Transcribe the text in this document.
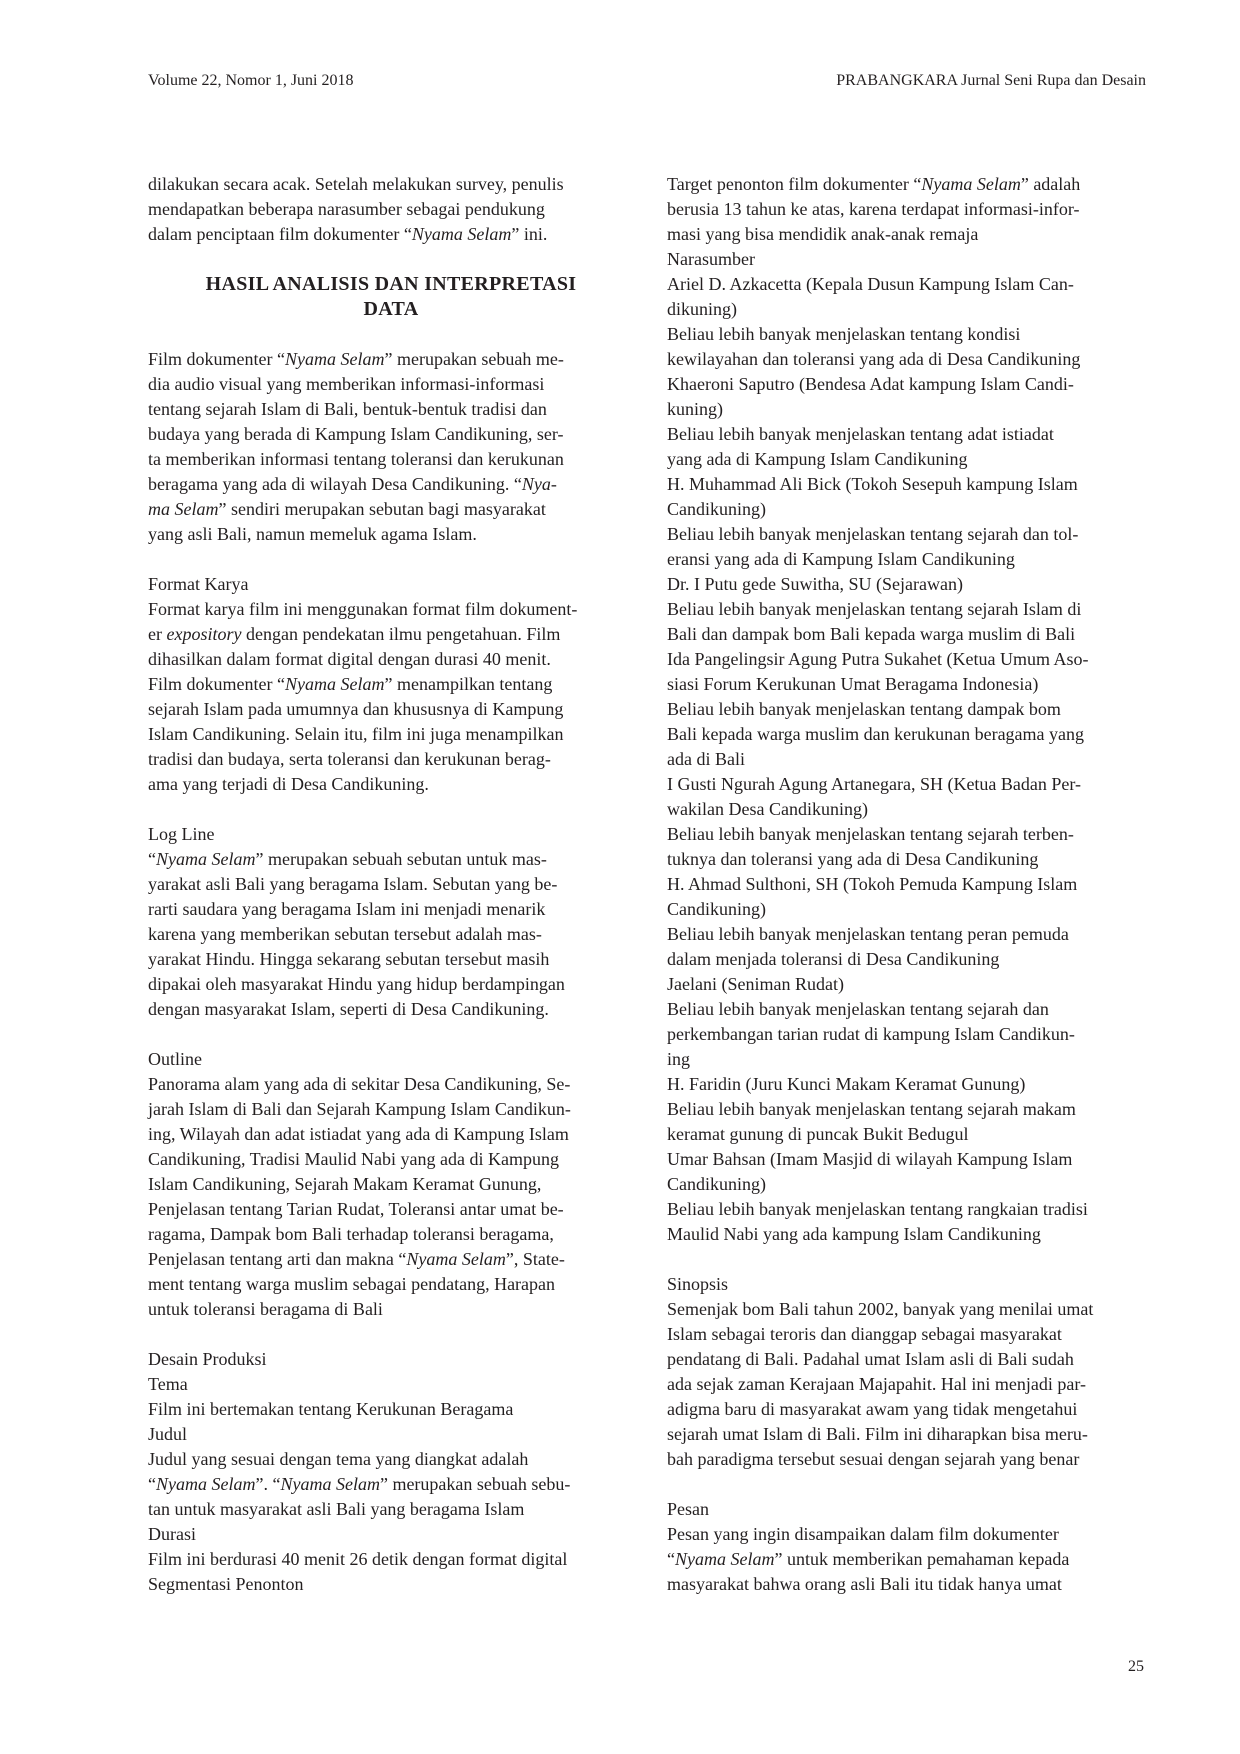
Volume 22, Nomor 1, Juni 2018	PRABANGKARA Jurnal Seni Rupa dan Desain

dilakukan secara acak. Setelah melakukan survey, penulis

mendapatkan beberapa narasumber sebagai pendukung

dalam penciptaan film dokumenter “Nyama Selam” ini.

HASIL ANALISIS DAN INTERPRETASI
DATA

Film dokumenter “Nyama Selam” merupakan sebuah me-

dia audio visual yang memberikan informasi-informasi

tentang sejarah Islam di Bali, bentuk-bentuk tradisi dan

budaya yang berada di Kampung Islam Candikuning, ser-

ta memberikan informasi tentang toleransi dan kerukunan

beragama yang ada di wilayah Desa Candikuning. “Nya-

ma Selam” sendiri merupakan sebutan bagi masyarakat

yang asli Bali, namun memeluk agama Islam.

Format Karya

Format karya film ini menggunakan format film dokument-

er expository dengan pendekatan ilmu pengetahuan. Film

dihasilkan dalam format digital dengan durasi 40 menit.

Film dokumenter “Nyama Selam” menampilkan tentang

sejarah Islam pada umumnya dan khususnya di Kampung

Islam Candikuning. Selain itu, film ini juga menampilkan

tradisi dan budaya, serta toleransi dan kerukunan berag-

ama yang terjadi di Desa Candikuning.

Log Line

“Nyama Selam” merupakan sebuah sebutan untuk mas-

yarakat asli Bali yang beragama Islam. Sebutan yang be-

rarti saudara yang beragama Islam ini menjadi menarik

karena yang memberikan sebutan tersebut adalah mas-

yarakat Hindu. Hingga sekarang sebutan tersebut masih

dipakai oleh masyarakat Hindu yang hidup berdampingan

dengan masyarakat Islam, seperti di Desa Candikuning.

Outline

Panorama alam yang ada di sekitar Desa Candikuning, Se-

jarah Islam di Bali dan Sejarah Kampung Islam Candikun-

ing, Wilayah dan adat istiadat yang ada di Kampung Islam

Candikuning, Tradisi Maulid Nabi yang ada di Kampung

Islam Candikuning, Sejarah Makam Keramat Gunung,

Penjelasan tentang Tarian Rudat, Toleransi antar umat be-

ragama, Dampak bom Bali terhadap toleransi beragama,

Penjelasan tentang arti dan makna “Nyama Selam”, State-

ment tentang warga muslim sebagai pendatang, Harapan

untuk toleransi beragama di Bali

Desain Produksi

Tema

Film ini bertemakan tentang Kerukunan Beragama

Judul

Judul yang sesuai dengan tema yang diangkat adalah

“Nyama Selam”. “Nyama Selam” merupakan sebuah sebu-

tan untuk masyarakat asli Bali yang beragama Islam

Durasi

Film ini berdurasi 40 menit 26 detik dengan format digital

Segmentasi Penonton

Target penonton film dokumenter “Nyama Selam” adalah

berusia 13 tahun ke atas, karena terdapat informasi-infor-

masi yang bisa mendidik anak-anak remaja

Narasumber

Ariel D. Azkacetta (Kepala Dusun Kampung Islam Can-

dikuning)

Beliau lebih banyak menjelaskan tentang kondisi

kewilayahan dan toleransi yang ada di Desa Candikuning

Khaeroni Saputro (Bendesa Adat kampung Islam Candi-

kuning)

Beliau lebih banyak menjelaskan tentang adat istiadat

yang ada di Kampung Islam Candikuning

H. Muhammad Ali Bick (Tokoh Sesepuh kampung Islam

Candikuning)

Beliau lebih banyak menjelaskan tentang sejarah dan tol-

eransi yang ada di Kampung Islam Candikuning

Dr. I Putu gede Suwitha, SU (Sejarawan)

Beliau lebih banyak menjelaskan tentang sejarah Islam di

Bali dan dampak bom Bali kepada warga muslim di Bali

Ida Pangelingsir Agung Putra Sukahet (Ketua Umum Aso-

siasi Forum Kerukunan Umat Beragama Indonesia)

Beliau lebih banyak menjelaskan tentang dampak bom

Bali kepada warga muslim dan kerukunan beragama yang

ada di Bali

I Gusti Ngurah Agung Artanegara, SH (Ketua Badan Per-

wakilan Desa Candikuning)

Beliau lebih banyak menjelaskan tentang sejarah terben-

tuknya dan toleransi yang ada di Desa Candikuning

H. Ahmad Sulthoni, SH (Tokoh Pemuda Kampung Islam

Candikuning)

Beliau lebih banyak menjelaskan tentang peran pemuda

dalam menjada toleransi di Desa Candikuning

Jaelani (Seniman Rudat)

Beliau lebih banyak menjelaskan tentang sejarah dan

perkembangan tarian rudat di kampung Islam Candikun-

ing

H. Faridin (Juru Kunci Makam Keramat Gunung)

Beliau lebih banyak menjelaskan tentang sejarah makam

keramat gunung di puncak Bukit Bedugul

Umar Bahsan (Imam Masjid di wilayah Kampung Islam

Candikuning)

Beliau lebih banyak menjelaskan tentang rangkaian tradisi

Maulid Nabi yang ada kampung Islam Candikuning

Sinopsis

Semenjak bom Bali tahun 2002, banyak yang menilai umat

Islam sebagai teroris dan dianggap sebagai masyarakat

pendatang di Bali. Padahal umat Islam asli di Bali sudah

ada sejak zaman Kerajaan Majapahit. Hal ini menjadi par-

adigma baru di masyarakat awam yang tidak mengetahui

sejarah umat Islam di Bali. Film ini diharapkan bisa meru-

bah paradigma tersebut sesuai dengan sejarah yang benar

Pesan

Pesan yang ingin disampaikan dalam film dokumenter

“Nyama Selam” untuk memberikan pemahaman kepada

masyarakat bahwa orang asli Bali itu tidak hanya umat

25
